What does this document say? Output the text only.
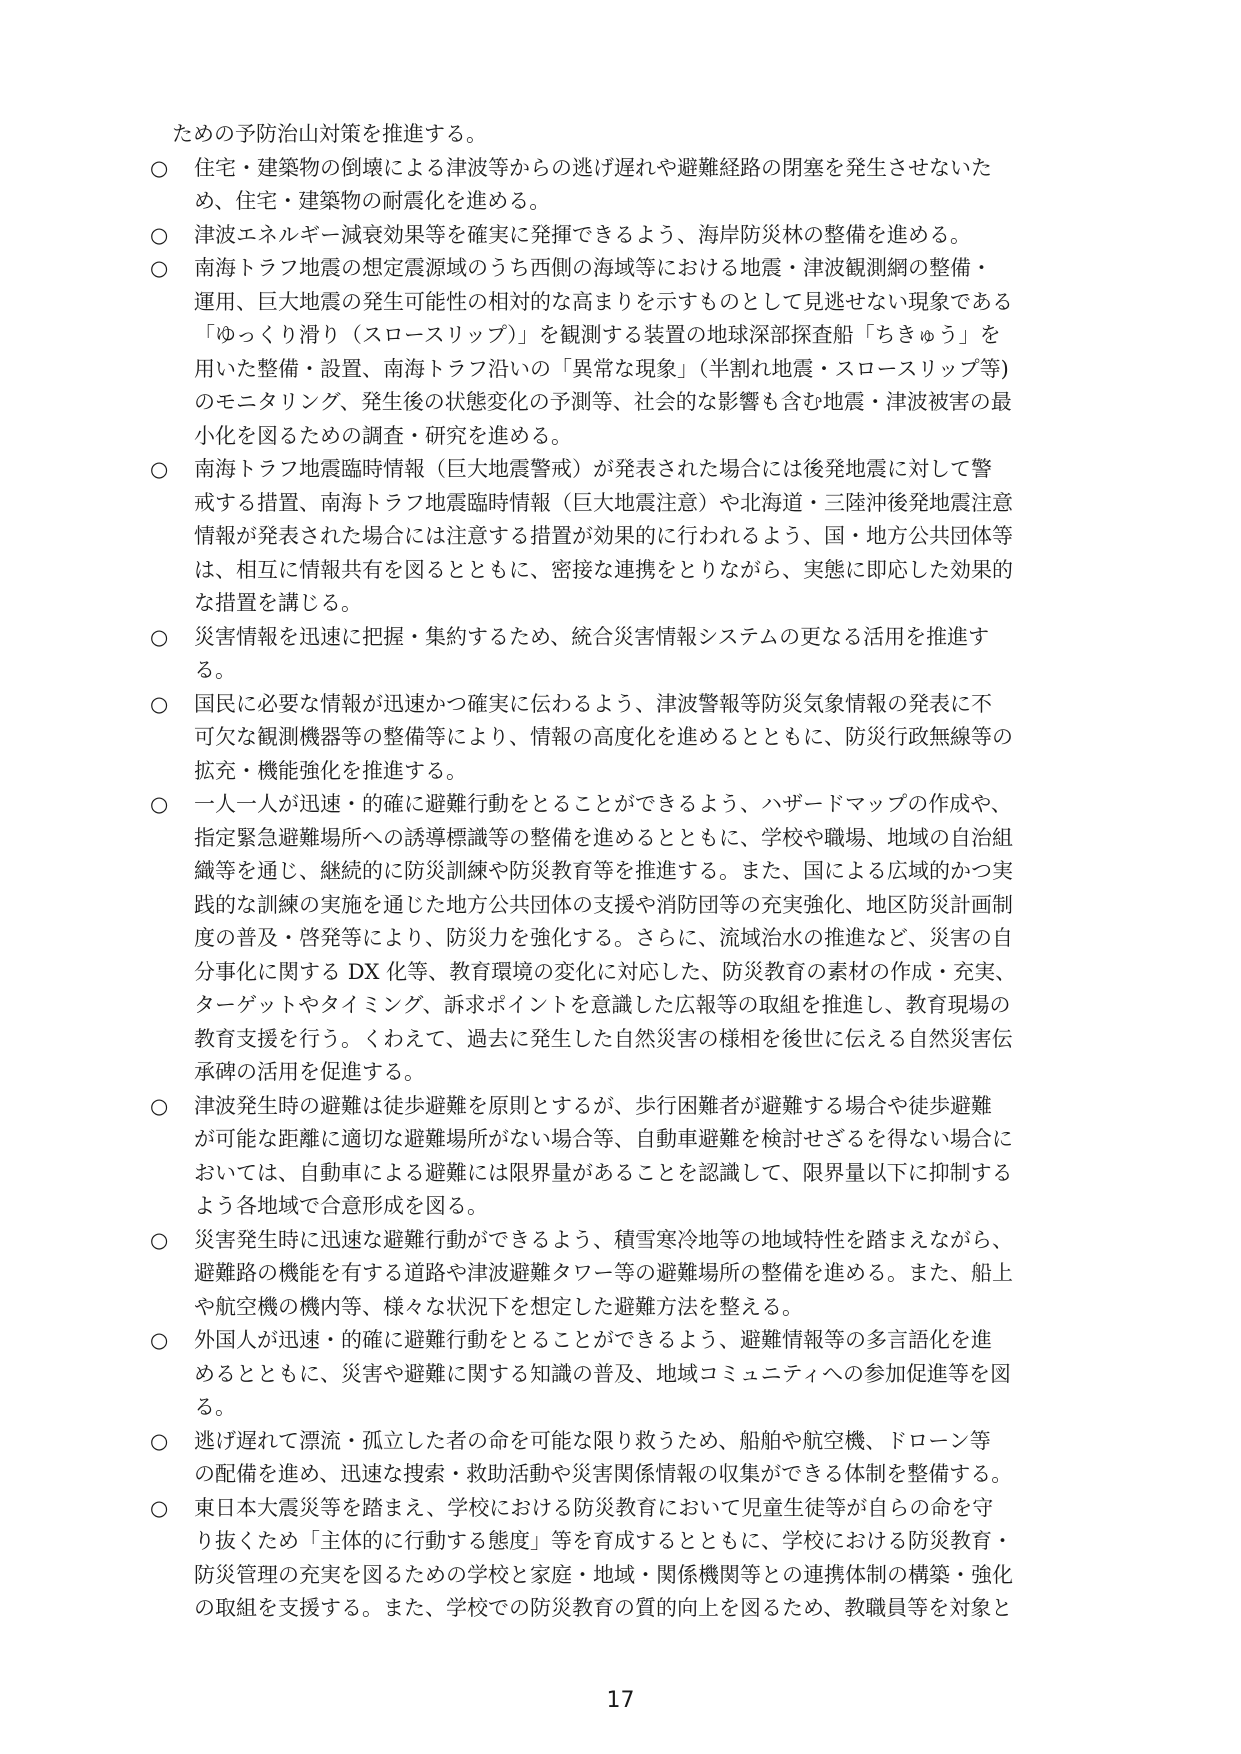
ための予防治山対策を推進する。
○	住宅・建築物の倒壊による津波等からの逃げ遅れや避難経路の閉塞を発生させないた
め、住宅・建築物の耐震化を進める。
○	津波エネルギー減衰効果等を確実に発揮できるよう、海岸防災林の整備を進める。
○	南海トラフ地震の想定震源域のうち西側の海域等における地震・津波観測網の整備・
運用、巨大地震の発生可能性の相対的な高まりを示すものとして見逃せない現象である
「ゆっくり滑り（スロースリップ）」を観測する装置の地球深部探査船「ちきゅう」を
用いた整備・設置、南海トラフ沿いの「異常な現象」（半割れ地震・スロースリップ等)
のモニタリング、発生後の状態変化の予測等、社会的な影響も含む地震・津波被害の最
小化を図るための調査・研究を進める。
○	南海トラフ地震臨時情報（巨大地震警戒）が発表された場合には後発地震に対して警
戒する措置、南海トラフ地震臨時情報（巨大地震注意）や北海道・三陸沖後発地震注意
情報が発表された場合には注意する措置が効果的に行われるよう、国・地方公共団体等
は、相互に情報共有を図るとともに、密接な連携をとりながら、実態に即応した効果的
な措置を講じる。
○	災害情報を迅速に把握・集約するため、統合災害情報システムの更なる活用を推進す
る。
○	国民に必要な情報が迅速かつ確実に伝わるよう、津波警報等防災気象情報の発表に不
可欠な観測機器等の整備等により、情報の高度化を進めるとともに、防災行政無線等の
拡充・機能強化を推進する。
○	一人一人が迅速・的確に避難行動をとることができるよう、ハザードマップの作成や、
指定緊急避難場所への誘導標識等の整備を進めるとともに、学校や職場、地域の自治組
織等を通じ、継続的に防災訓練や防災教育等を推進する。また、国による広域的かつ実
践的な訓練の実施を通じた地方公共団体の支援や消防団等の充実強化、地区防災計画制
度の普及・啓発等により、防災力を強化する。さらに、流域治水の推進など、災害の自
分事化に関する DX 化等、教育環境の変化に対応した、防災教育の素材の作成・充実、
ターゲットやタイミング、訴求ポイントを意識した広報等の取組を推進し、教育現場の
教育支援を行う。くわえて、過去に発生した自然災害の様相を後世に伝える自然災害伝
承碑の活用を促進する。
○	津波発生時の避難は徒歩避難を原則とするが、歩行困難者が避難する場合や徒歩避難
が可能な距離に適切な避難場所がない場合等、自動車避難を検討せざるを得ない場合に
おいては、自動車による避難には限界量があることを認識して、限界量以下に抑制する
よう各地域で合意形成を図る。
○	災害発生時に迅速な避難行動ができるよう、積雪寒冷地等の地域特性を踏まえながら、
避難路の機能を有する道路や津波避難タワー等の避難場所の整備を進める。また、船上
や航空機の機内等、様々な状況下を想定した避難方法を整える。
○	外国人が迅速・的確に避難行動をとることができるよう、避難情報等の多言語化を進
めるとともに、災害や避難に関する知識の普及、地域コミュニティへの参加促進等を図
る。
○	逃げ遅れて漂流・孤立した者の命を可能な限り救うため、船舶や航空機、ドローン等
の配備を進め、迅速な捜索・救助活動や災害関係情報の収集ができる体制を整備する。
○	東日本大震災等を踏まえ、学校における防災教育において児童生徒等が自らの命を守
り抜くため「主体的に行動する態度」等を育成するとともに、学校における防災教育・
防災管理の充実を図るための学校と家庭・地域・関係機関等との連携体制の構築・強化
の取組を支援する。また、学校での防災教育の質的向上を図るため、教職員等を対象と
17
